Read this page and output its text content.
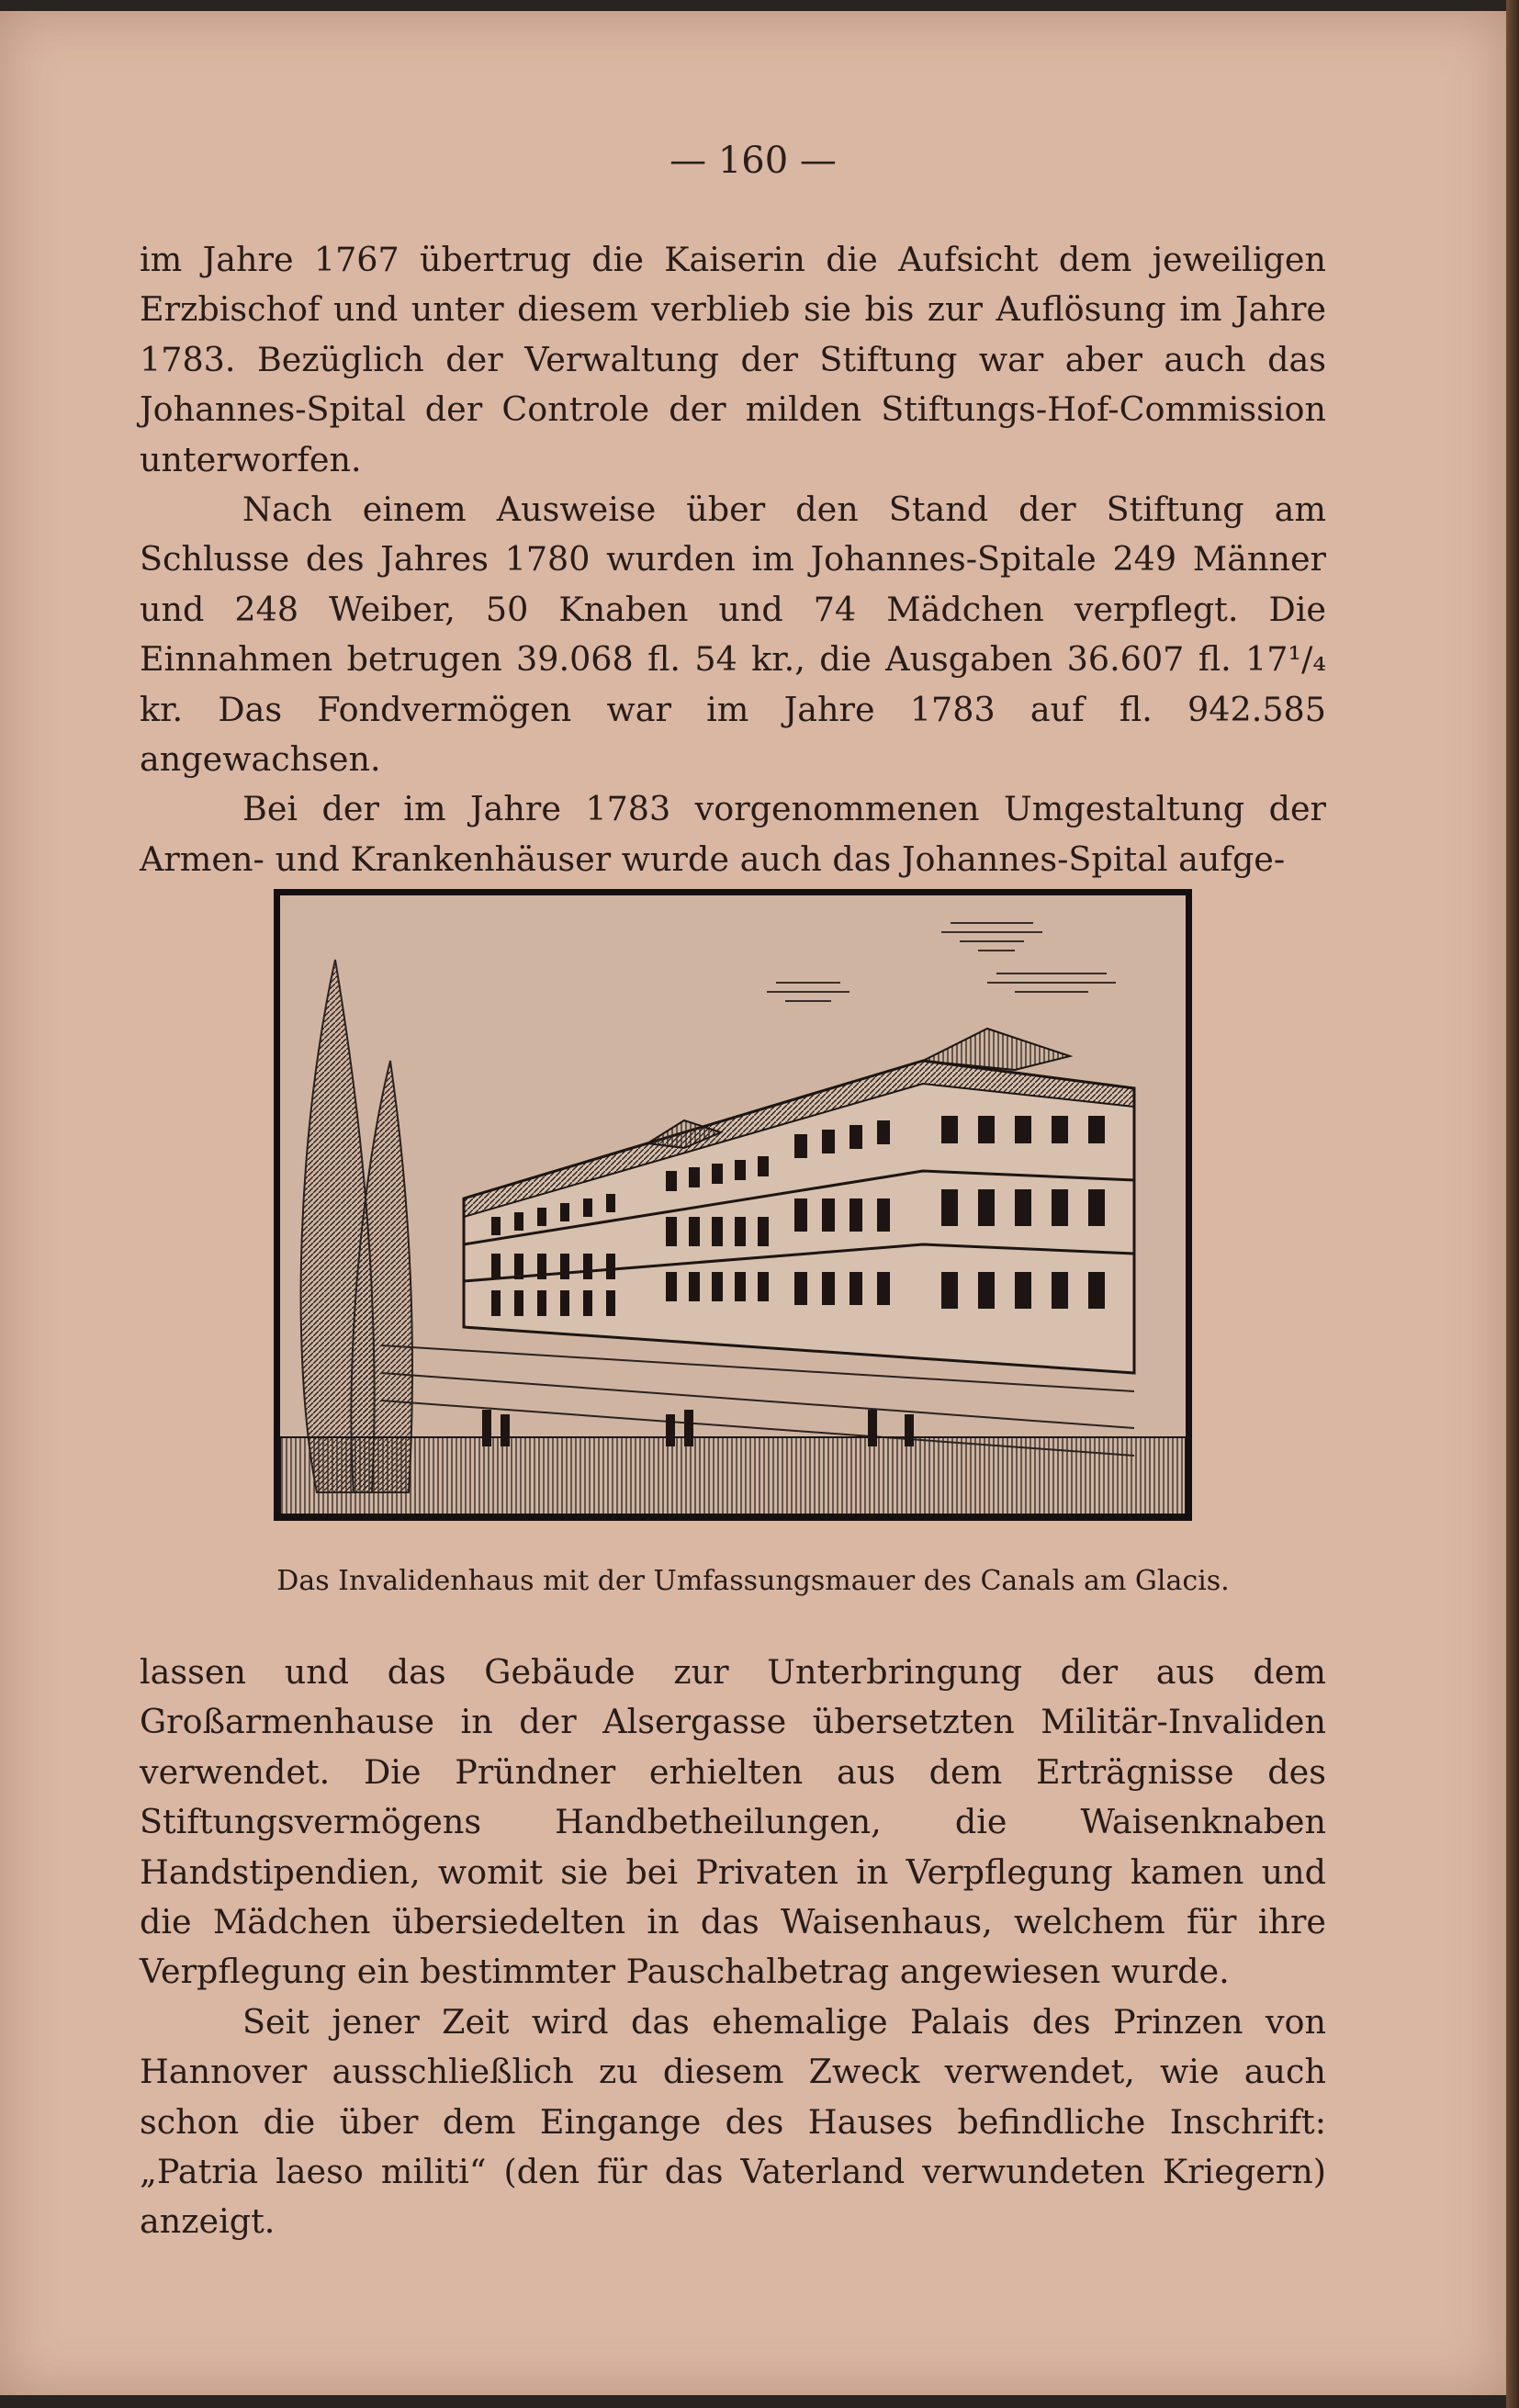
— 160 —

im Jahre 1767 übertrug die Kaiserin die Aufsicht dem jeweiligen Erzbischof und unter diesem verblieb sie bis zur Auflösung im Jahre 1783. Bezüglich der Verwaltung der Stiftung war aber auch das Johannes-Spital der Controle der milden Stiftungs-Hof-Commission unterworfen.

Nach einem Ausweise über den Stand der Stiftung am Schlusse des Jahres 1780 wurden im Johannes-Spitale 249 Männer und 248 Weiber, 50 Knaben und 74 Mädchen verpflegt. Die Einnahmen betrugen 39.068 fl. 54 kr., die Ausgaben 36.607 fl. 17¹/₄ kr. Das Fondvermögen war im Jahre 1783 auf fl. 942.585 angewachsen.

Bei der im Jahre 1783 vorgenommenen Umgestaltung der Armen- und Krankenhäuser wurde auch das Johannes-Spital aufge-

Das Invalidenhaus mit der Umfassungsmauer des Canals am Glacis.

lassen und das Gebäude zur Unterbringung der aus dem Großarmenhause in der Alsergasse übersetzten Militär-Invaliden verwendet. Die Pründner erhielten aus dem Erträgnisse des Stiftungsvermögens Handbetheilungen, die Waisenknaben Handstipendien, womit sie bei Privaten in Verpflegung kamen und die Mädchen übersiedelten in das Waisenhaus, welchem für ihre Verpflegung ein bestimmter Pauschalbetrag angewiesen wurde.

Seit jener Zeit wird das ehemalige Palais des Prinzen von Hannover ausschließlich zu diesem Zweck verwendet, wie auch schon die über dem Eingange des Hauses befindliche Inschrift: „Patria laeso militi“ (den für das Vaterland verwundeten Kriegern) anzeigt.
